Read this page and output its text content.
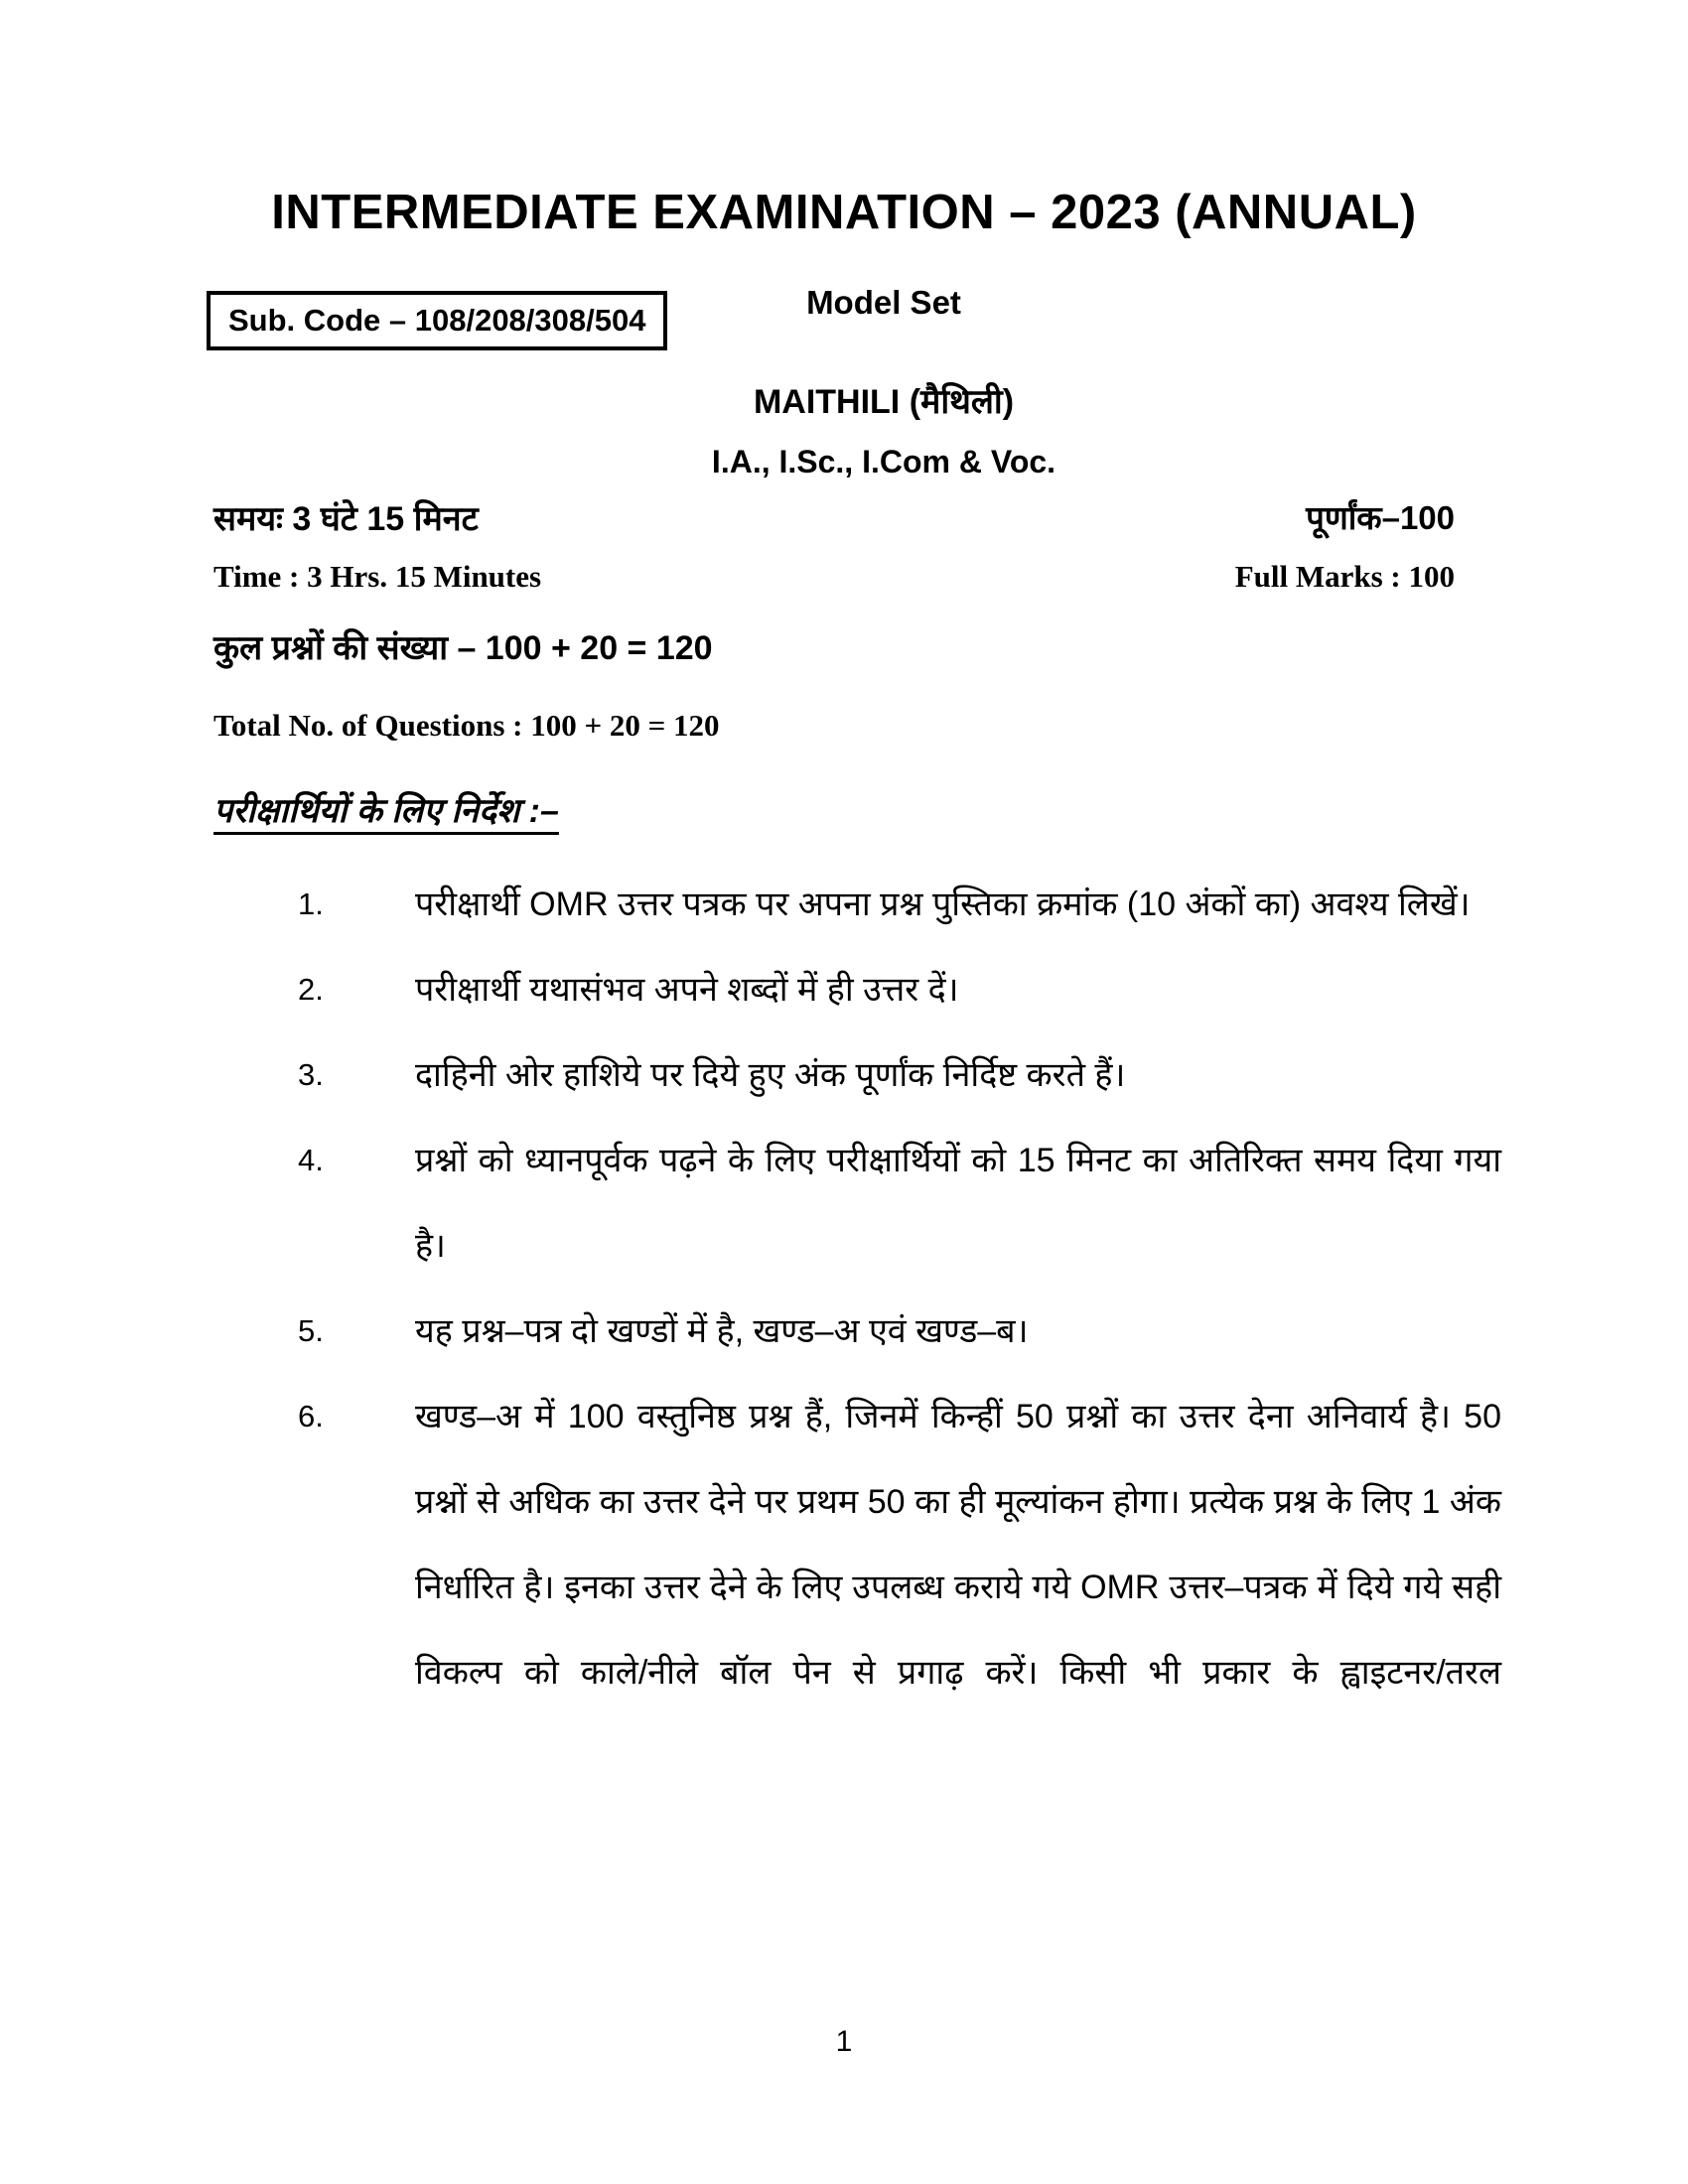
INTERMEDIATE EXAMINATION – 2023 (ANNUAL)
Sub. Code – 108/208/308/504	Model Set
MAITHILI (मैथिली)
I.A., I.Sc., I.Com & Voc.
समयः 3 घंटे 15 मिनट	पूर्णांक–100
Time : 3 Hrs. 15 Minutes	Full Marks : 100
कुल प्रश्नों की संख्या – 100 + 20 = 120
Total No. of Questions : 100 + 20 = 120
परीक्षार्थियों के लिए निर्देश :–
1.	परीक्षार्थी OMR उत्तर पत्रक पर अपना प्रश्न पुस्तिका क्रमांक (10 अंकों का) अवश्य लिखें।
2.	परीक्षार्थी यथासंभव अपने शब्दों में ही उत्तर दें।
3.	दाहिनी ओर हाशिये पर दिये हुए अंक पूर्णांक निर्दिष्ट करते हैं।
4.	प्रश्नों को ध्यानपूर्वक पढ़ने के लिए परीक्षार्थियों को 15 मिनट का अतिरिक्त समय दिया गया है।
5.	यह प्रश्न–पत्र दो खण्डों में है, खण्ड–अ एवं खण्ड–ब।
6.	खण्ड–अ में 100 वस्तुनिष्ठ प्रश्न हैं, जिनमें किन्हीं 50 प्रश्नों का उत्तर देना अनिवार्य है। 50 प्रश्नों से अधिक का उत्तर देने पर प्रथम 50 का ही मूल्यांकन होगा। प्रत्येक प्रश्न के लिए 1 अंक निर्धारित है। इनका उत्तर देने के लिए उपलब्ध कराये गये OMR उत्तर–पत्रक में दिये गये सही विकल्प को काले/नीले बॉल पेन से प्रगाढ़ करें। किसी भी प्रकार के ह्वाइटनर/तरल
1
